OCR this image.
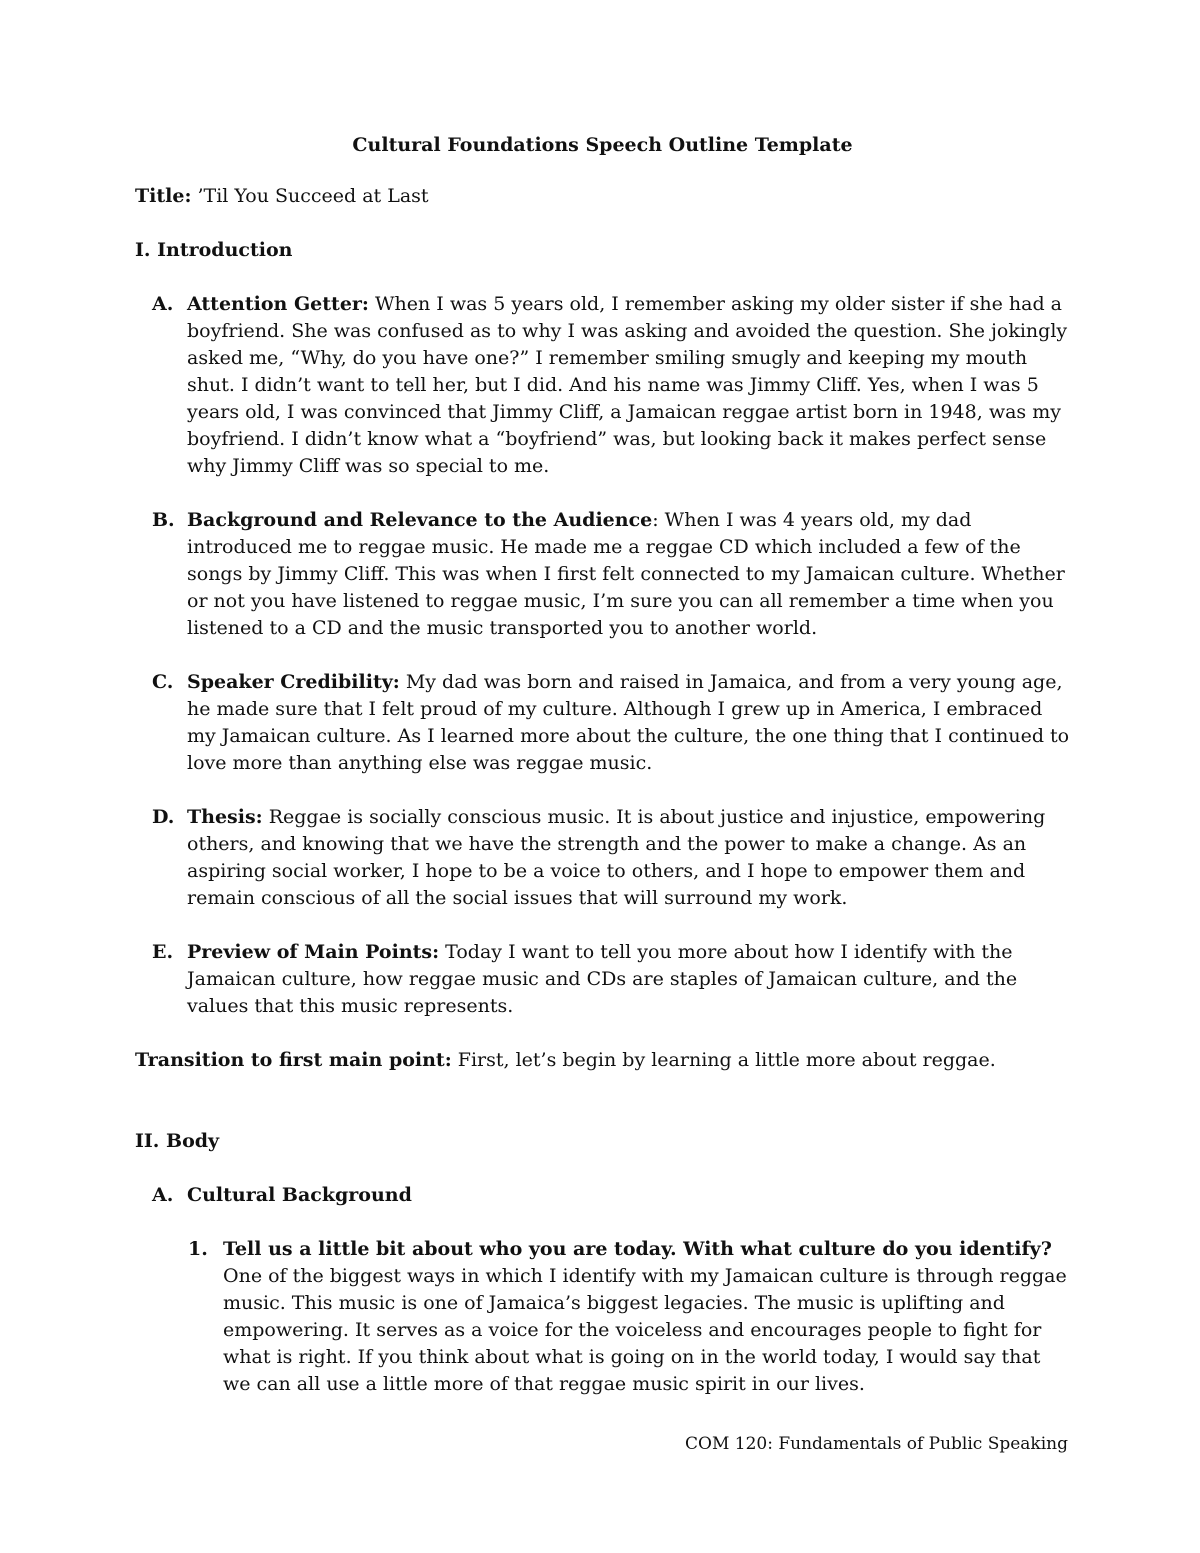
Cultural Foundations Speech Outline Template
Title: ’Til You Succeed at Last
I. Introduction
A. Attention Getter: When I was 5 years old, I remember asking my older sister if she had a boyfriend. She was confused as to why I was asking and avoided the question. She jokingly asked me, “Why, do you have one?” I remember smiling smugly and keeping my mouth shut. I didn’t want to tell her, but I did. And his name was Jimmy Cliff. Yes, when I was 5 years old, I was convinced that Jimmy Cliff, a Jamaican reggae artist born in 1948, was my boyfriend. I didn’t know what a “boyfriend” was, but looking back it makes perfect sense why Jimmy Cliff was so special to me.
B. Background and Relevance to the Audience: When I was 4 years old, my dad introduced me to reggae music. He made me a reggae CD which included a few of the songs by Jimmy Cliff. This was when I first felt connected to my Jamaican culture. Whether or not you have listened to reggae music, I’m sure you can all remember a time when you listened to a CD and the music transported you to another world.
C. Speaker Credibility: My dad was born and raised in Jamaica, and from a very young age, he made sure that I felt proud of my culture. Although I grew up in America, I embraced my Jamaican culture. As I learned more about the culture, the one thing that I continued to love more than anything else was reggae music.
D. Thesis: Reggae is socially conscious music. It is about justice and injustice, empowering others, and knowing that we have the strength and the power to make a change. As an aspiring social worker, I hope to be a voice to others, and I hope to empower them and remain conscious of all the social issues that will surround my work.
E. Preview of Main Points: Today I want to tell you more about how I identify with the Jamaican culture, how reggae music and CDs are staples of Jamaican culture, and the values that this music represents.
Transition to first main point: First, let’s begin by learning a little more about reggae.
II. Body
A. Cultural Background
1. Tell us a little bit about who you are today. With what culture do you identify?
One of the biggest ways in which I identify with my Jamaican culture is through reggae music. This music is one of Jamaica’s biggest legacies. The music is uplifting and empowering. It serves as a voice for the voiceless and encourages people to fight for what is right. If you think about what is going on in the world today, I would say that we can all use a little more of that reggae music spirit in our lives.
COM 120: Fundamentals of Public Speaking
